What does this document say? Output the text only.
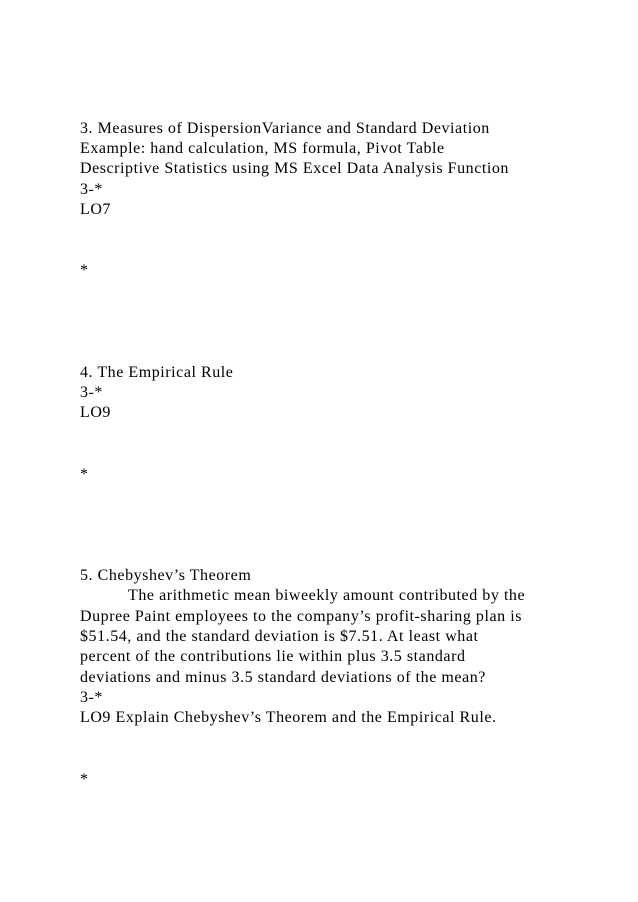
3. Measures of DispersionVariance and Standard Deviation
Example: hand calculation, MS formula, Pivot Table
Descriptive Statistics using MS Excel Data Analysis Function
3-*
LO7
*
4. The Empirical Rule
3-*
LO9
*
5. Chebyshev’s Theorem
The arithmetic mean biweekly amount contributed by the
Dupree Paint employees to the company’s profit-sharing plan is
$51.54, and the standard deviation is $7.51. At least what
percent of the contributions lie within plus 3.5 standard
deviations and minus 3.5 standard deviations of the mean?
3-*
LO9 Explain Chebyshev’s Theorem and the Empirical Rule.
*
